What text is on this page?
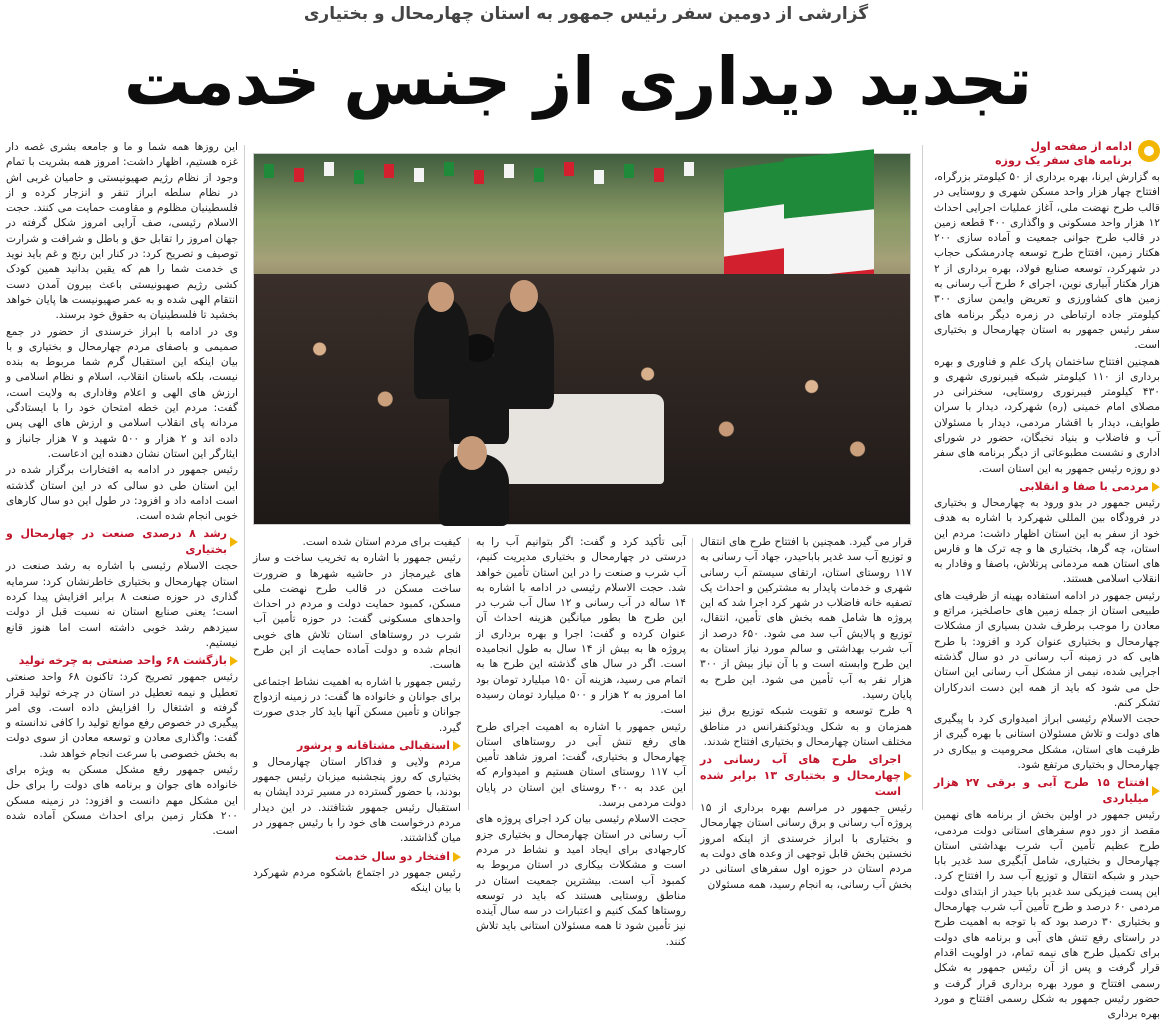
گزارشی از دومین سفر رئیس جمهور به استان چهارمحال و بختیاری
تجدید دیداری از جنس خدمت
ادامه از صفحه اول
برنامه های سفر یک روزه

به گزارش ایرنا، بهره برداری از ۵۰ کیلومتر بزرگراه، افتتاح چهار هزار واحد مسکن شهری و روستایی در قالب طرح نهضت ملی، آغاز عملیات اجرایی احداث ۱۲ هزار واحد مسکونی و واگذاری ۴۰۰ قطعه زمین در قالب طرح جوانی جمعیت و آماده سازی ۲۰۰ هکتار زمین، افتتاح طرح توسعه چادرمشکی حجاب در شهرکرد، توسعه صنایع فولاد، بهره برداری از ۲ هزار هکتار آبیاری نوین، اجرای ۶ طرح آب رسانی به زمین های کشاورزی و تعریض وایمن سازی ۳۰۰ کیلومتر جاده ارتباطی در زمره دیگر برنامه های سفر رئیس جمهور به استان چهارمحال و بختیاری است.

همچنین افتتاح ساختمان پارک علم و فناوری و بهره برداری از ۱۱۰ کیلومتر شبکه فیبرنوری شهری و ۴۳۰ کیلومتر فیبرنوری روستایی، سخنرانی در مصلای امام خمینی (ره) شهرکرد، دیدار با سران طوایف، دیدار با اقشار مردمی، دیدار با مسئولان آب و فاضلاب و بنیاد نخبگان، حضور در شورای اداری و نشست مطبوعاتی از دیگر برنامه های سفر دو روزه رئیس جمهور به این استان است.

مردمی با صفا و انقلابی

رئیس جمهور در بدو ورود به چهارمحال و بختیاری در فرودگاه بین المللی شهرکرد با اشاره به هدف خود از سفر به این استان اظهار داشت: مردم این استان، چه گرها، بختیاری ها و چه ترک ها و فارس های استان همه مردمانی پرتلاش، باصفا و وفادار به انقلاب اسلامی هستند.

رئیس جمهور در ادامه استفاده بهینه از ظرفیت های طبیعی استان از جمله زمین های حاصلخیز، مراتع و معادن را موجب برطرف شدن بسیاری از مشکلات چهارمحال و بختیاری عنوان کرد و افزود: با طرح هایی که در زمینه آب رسانی در دو سال گذشته اجرایی شده، نیمی از مشکل آب رسانی این استان حل می شود که باید از همه این دست اندرکاران تشکر کنم.

حجت الاسلام رئیسی ابراز امیدواری کرد با پیگیری های دولت و تلاش مسئولان استانی با بهره گیری از ظرفیت های استان، مشکل محرومیت و بیکاری در چهارمحال و بختیاری مرتفع شود.

افتتاح ۱۵ طرح آبی و برقی ۲۷ هزار میلیاردی

رئیس جمهور در اولین بخش از برنامه های نهمین مقصد از دور دوم سفرهای استانی دولت مردمی، طرح عظیم تأمین آب شرب بهداشتی استان چهارمحال و بختیاری، شامل آبگیری سد غدیر بابا حیدر و شبکه انتقال و توزیع آب سد را افتتاح کرد. این پست فیزیکی سد غدیر بابا حیدر از ابتدای دولت مردمی ۶۰ درصد و طرح تأمین آب شرب چهارمحال و بختیاری ۳۰ درصد بود که با توجه به اهمیت طرح در راستای رفع تنش های آبی و برنامه های دولت برای تکمیل طرح های نیمه تمام، در اولویت اقدام قرار گرفت و پس از آن رئیس جمهور به شکل رسمی افتتاح و مورد بهره برداری قرار گرفت و حضور رئیس جمهور به شکل رسمی افتتاح و مورد بهره برداری

قرار می گیرد. همچنین با افتتاح طرح های انتقال و توزیع آب سد غدیر باباحیدر، جهاد آب رسانی به ۱۱۷ روستای استان، ارتقای سیستم آب رسانی شهری و خدمات پایدار به مشترکین و احداث یک تصفیه خانه فاضلاب در شهر کرد اجرا شد که این پروژه ها شامل همه بخش های تأمین، انتقال، توزیع و پالایش آب سد می شود. ۶۵۰ درصد از آب شرب بهداشتی و سالم مورد نیاز استان به این طرح وابسته است و با آن نیاز بیش از ۳۰۰ هزار نفر به آب تأمین می شود. این طرح به پایان رسید.

۹ طرح توسعه و تقویت شبکه توزیع برق نیز همزمان و به شکل ویدئوکنفرانس در مناطق مختلف استان چهارمحال و بختیاری افتتاح شدند.

اجرای طرح های آب رسانی در چهارمحال و بختیاری ۱۳ برابر شده است

رئیس جمهور در مراسم بهره برداری از ۱۵ پروژه آب رسانی و برق رسانی استان چهارمحال و بختیاری با ابراز خرسندی از اینکه امروز نخستین بخش قابل توجهی از وعده های دولت به مردم استان در حوزه اول سفرهای استانی در بخش آب رسانی، به انجام رسید، همه مسئولان

آبی تأکید کرد و گفت: اگر بتوانیم آب را به درستی در چهارمحال و بختیاری مدیریت کنیم، آب شرب و صنعت را در این استان تأمین خواهد شد. حجت الاسلام رئیسی در ادامه با اشاره به ۱۴ ساله در آب رسانی و ۱۲ سال آب شرب در این طرح ها بطور میانگین هزینه احداث آن عنوان کرده و گفت: اجرا و بهره برداری از پروژه ها به بیش از ۱۴ سال به طول انجامیده است. اگر در سال های گذشته این طرح ها به اتمام می رسید، هزینه آن ۱۵۰ میلیارد تومان بود اما امروز به ۲ هزار و ۵۰۰ میلیارد تومان رسیده است.

رئیس جمهور با اشاره به اهمیت اجرای طرح های رفع تنش آبی در روستاهای استان چهارمحال و بختیاری، گفت: امروز شاهد تأمین آب ۱۱۷ روستای استان هستیم و امیدوارم که این عدد به ۴۰۰ روستای این استان در پایان دولت مردمی برسد.

حجت الاسلام رئیسی بیان کرد اجرای پروژه های آب رسانی در استان چهارمحال و بختیاری جزو کارجهادی برای ایجاد امید و نشاط در مردم است و مشکلات بیکاری در استان مربوط به کمبود آب است. بیشترین جمعیت استان در مناطق روستایی هستند که باید در توسعه روستاها کمک کنیم و اعتبارات در سه سال آینده نیز تأمین شود تا همه مسئولان استانی باید تلاش کنند.

کیفیت برای مردم استان شده است.

رئیس جمهور با اشاره به تخریب ساخت و ساز های غیرمجاز در حاشیه شهرها و ضرورت ساخت مسکن در قالب طرح نهضت ملی مسکن، کمبود حمایت دولت و مردم در احداث واحدهای مسکونی گفت: در حوزه تأمین آب شرب در روستاهای استان تلاش های خوبی انجام شده و دولت آماده حمایت از این طرح هاست.

رئیس جمهور با اشاره به اهمیت نشاط اجتماعی برای جوانان و خانواده ها گفت: در زمینه ازدواج جوانان و تأمین مسکن آنها باید کار جدی صورت گیرد.

استقبالی مشتاقانه و پرشور

مردم ولایی و فداکار استان چهارمحال و بختیاری که روز پنجشنبه میزبان رئیس جمهور بودند، با حضور گسترده در مسیر تردد ایشان به استقبال رئیس جمهور شتافتند. در این دیدار مردم درخواست های خود را با رئیس جمهور در میان گذاشتند.

افتخار دو سال خدمت

رئیس جمهور در اجتماع باشکوه مردم شهرکرد با بیان اینکه

این روزها همه شما و ما و جامعه بشری غصه دار غزه هستیم، اظهار داشت: امروز همه بشریت با تمام وجود از نظام رژیم صهیونیستی و حامیان غربی اش در نظام سلطه ابراز تنفر و انزجار کرده و از فلسطینیان مظلوم و مقاومت حمایت می کنند. حجت الاسلام رئیسی، صف آرایی امروز شکل گرفته در جهان امروز را تقابل حق و باطل و شرافت و شرارت توصیف و تصریح کرد: در کنار این رنج و غم باید نوید ی خدمت شما را هم که یقین بدانید همین کودک کشی رژیم صهیونیستی باعث بیرون آمدن دست انتقام الهی شده و به عمر صهیونیست ها پایان خواهد بخشید تا فلسطینیان به حقوق خود برسند.

وی در ادامه با ابراز خرسندی از حضور در جمع صمیمی و باصفای مردم چهارمحال و بختیاری و با بیان اینکه این استقبال گرم شما مربوط به بنده نیست، بلکه باستان انقلاب، اسلام و نظام اسلامی و ارزش های الهی و اعلام وفاداری به ولایت است، گفت: مردم این خطه امتحان خود را با ایستادگی مردانه پای انقلاب اسلامی و ارزش های الهی پس داده اند و ۲ هزار و ۵۰۰ شهید و ۷ هزار جانباز و ایثارگر این استان نشان دهنده این ادعاست.

رئیس جمهور در ادامه به افتخارات برگزار شده در این استان طی دو سالی که در این استان گذشته است ادامه داد و افزود: در طول این دو سال کارهای خوبی انجام شده است.

رشد ۸ درصدی صنعت در چهارمحال و بختیاری

حجت الاسلام رئیسی با اشاره به رشد صنعت در استان چهارمحال و بختیاری خاطرنشان کرد: سرمایه گذاری در حوزه صنعت ۸ برابر افزایش پیدا کرده است؛ یعنی صنایع استان نه نسبت قبل از دولت سیزدهم رشد خوبی داشته است اما هنوز قانع نیستیم.

بازگشت ۶۸ واحد صنعتی به چرخه تولید

رئیس جمهور تصریح کرد: تاکنون ۶۸ واحد صنعتی تعطیل و نیمه تعطیل در استان در چرخه تولید قرار گرفته و اشتغال را افزایش داده است. وی امر پیگیری در خصوص رفع موانع تولید را کافی ندانسته و گفت: واگذاری معادن و توسعه معادن از سوی دولت به بخش خصوصی با سرعت انجام خواهد شد.

رئیس جمهور رفع مشکل مسکن به ویژه برای خانواده های جوان و برنامه های دولت را برای حل این مشکل مهم دانست و افزود: در زمینه مسکن ۲۰۰ هکتار زمین برای احداث مسکن آماده شده است.
